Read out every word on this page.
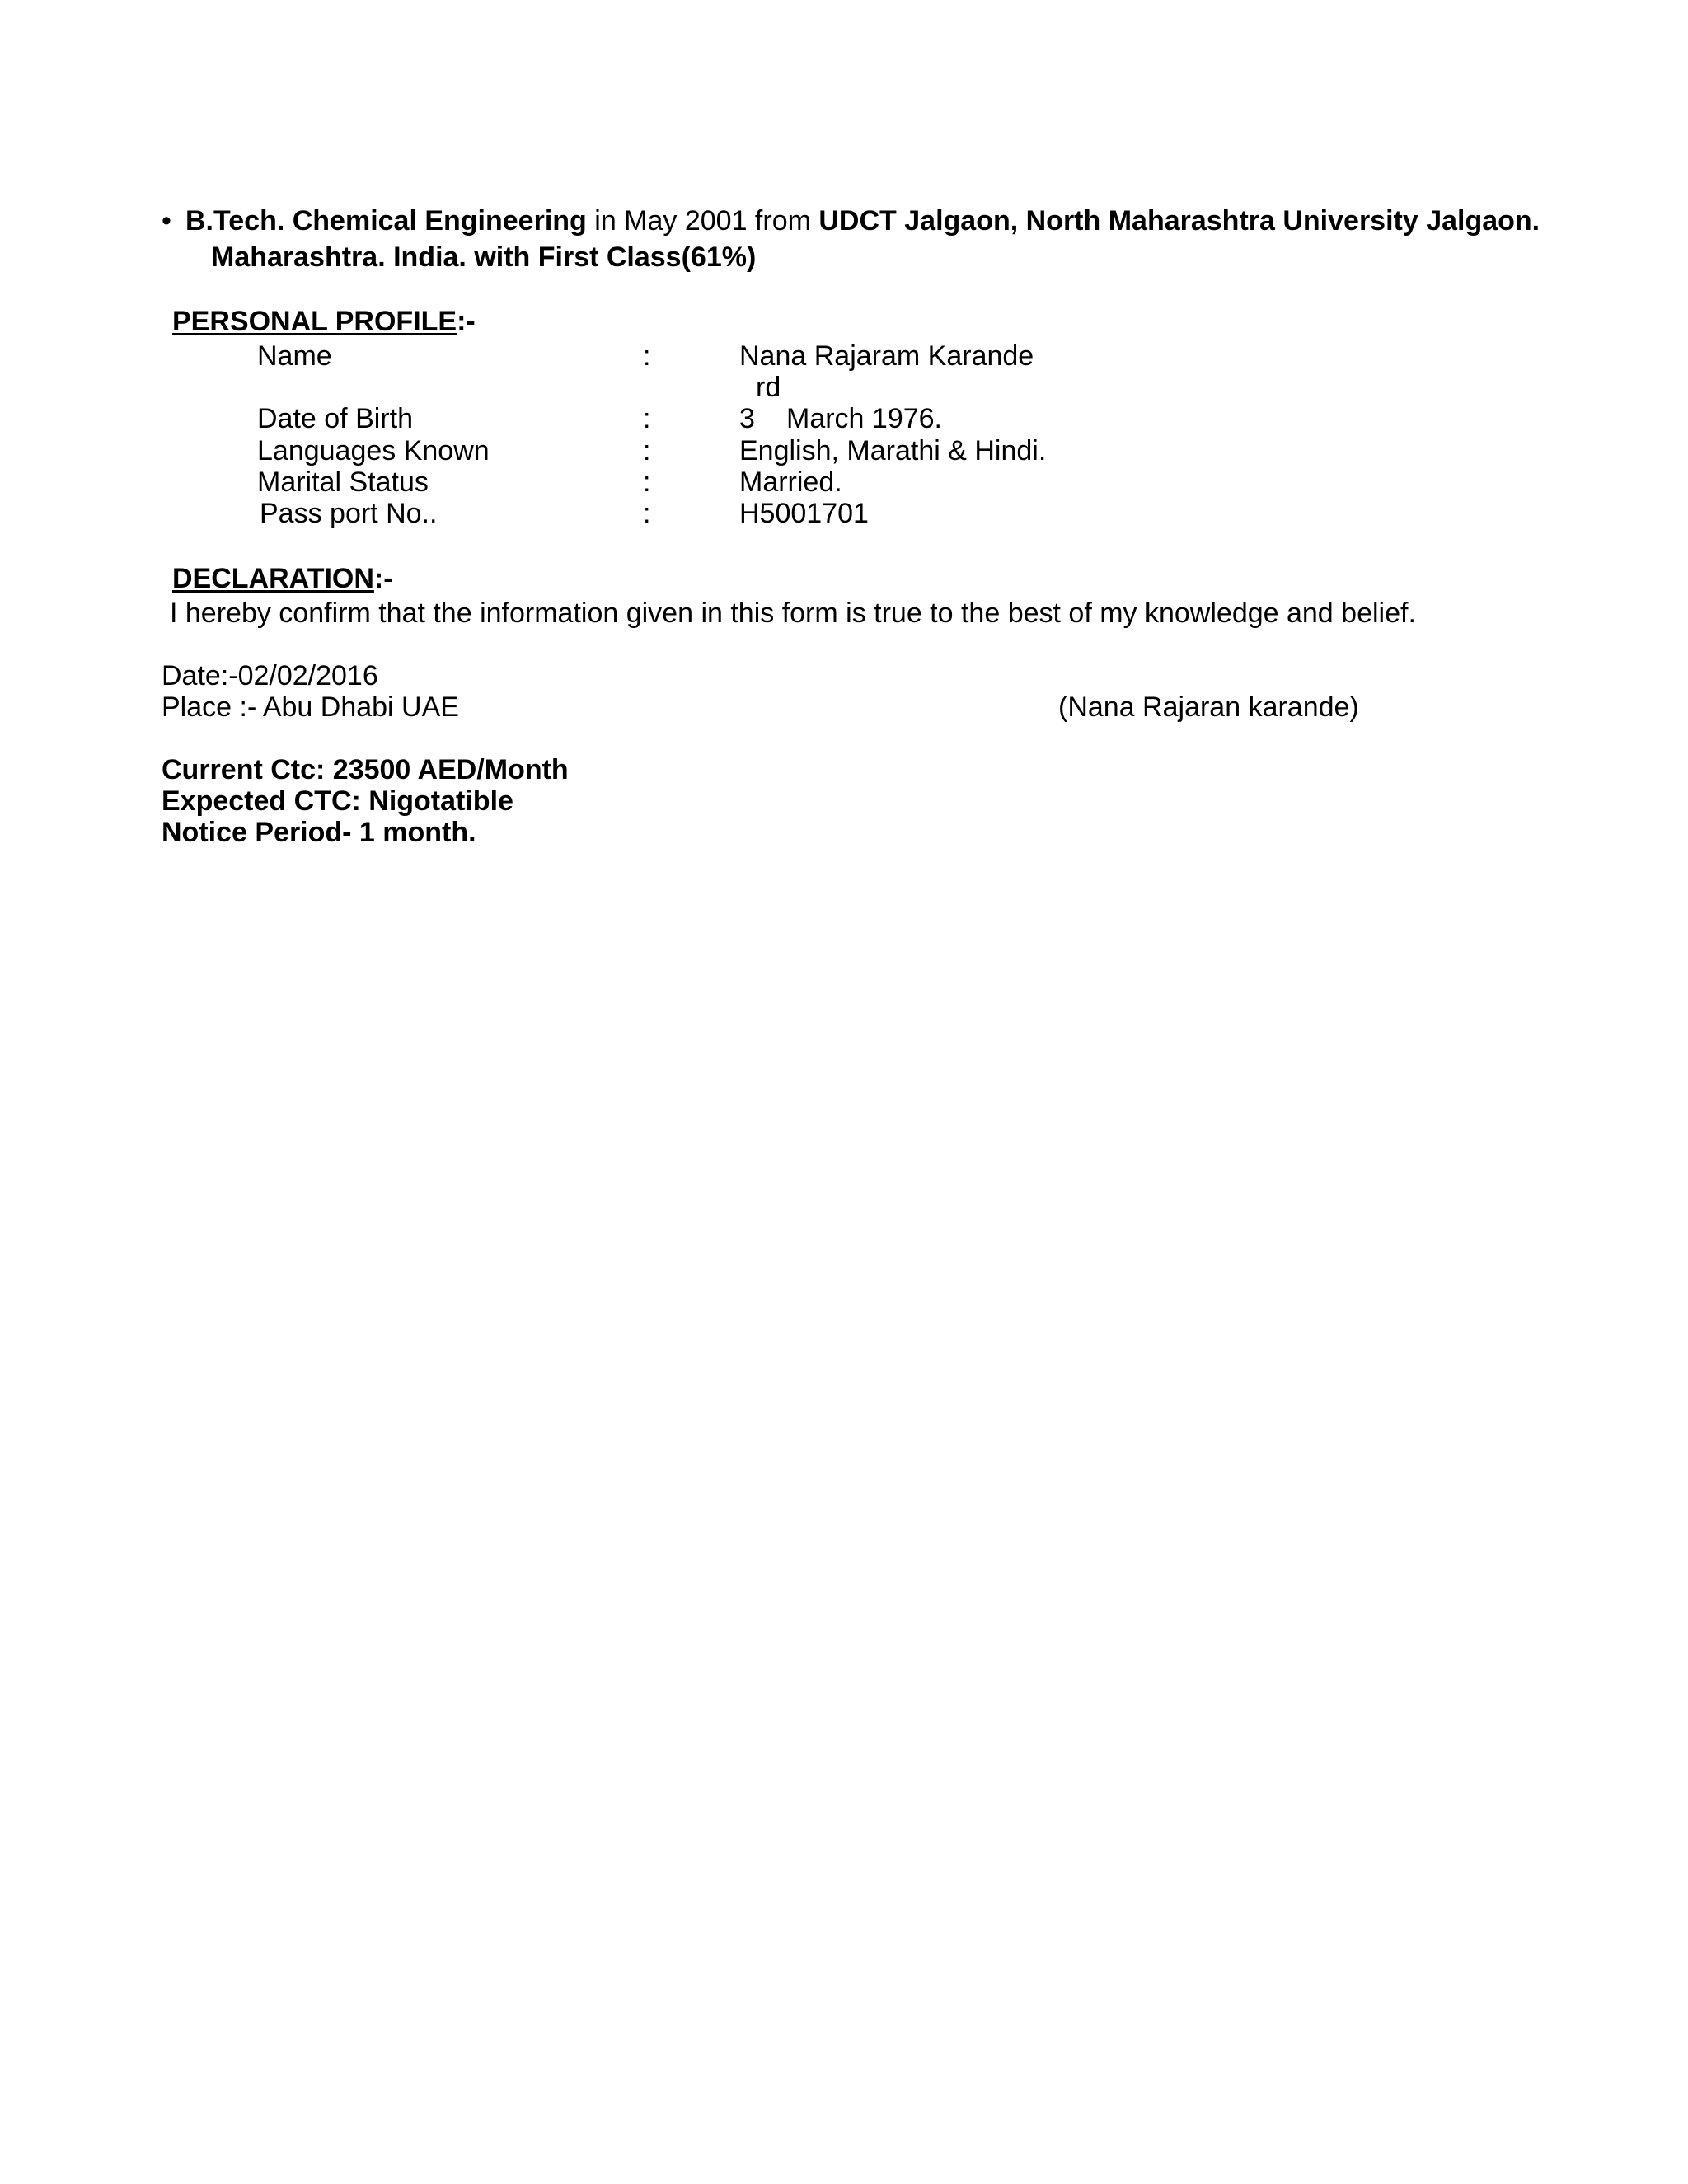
• B.Tech. Chemical Engineering in May 2001 from UDCT Jalgaon, North Maharashtra University Jalgaon.
Maharashtra. India. with First Class(61%)
PERSONAL PROFILE:-
Name	:	Nana Rajaram Karande
rd
Date of Birth	:	3 March 1976.
Languages Known	:	English, Marathi & Hindi.
Marital Status	:	Married.
Pass port No..	:	H5001701
DECLARATION:-
I hereby confirm that the information given in this form is true to the best of my knowledge and belief.
Date:-02/02/2016
Place :- Abu Dhabi UAE	(Nana Rajaran karande)
Current Ctc: 23500 AED/Month
Expected CTC: Nigotatible
Notice Period- 1 month.
